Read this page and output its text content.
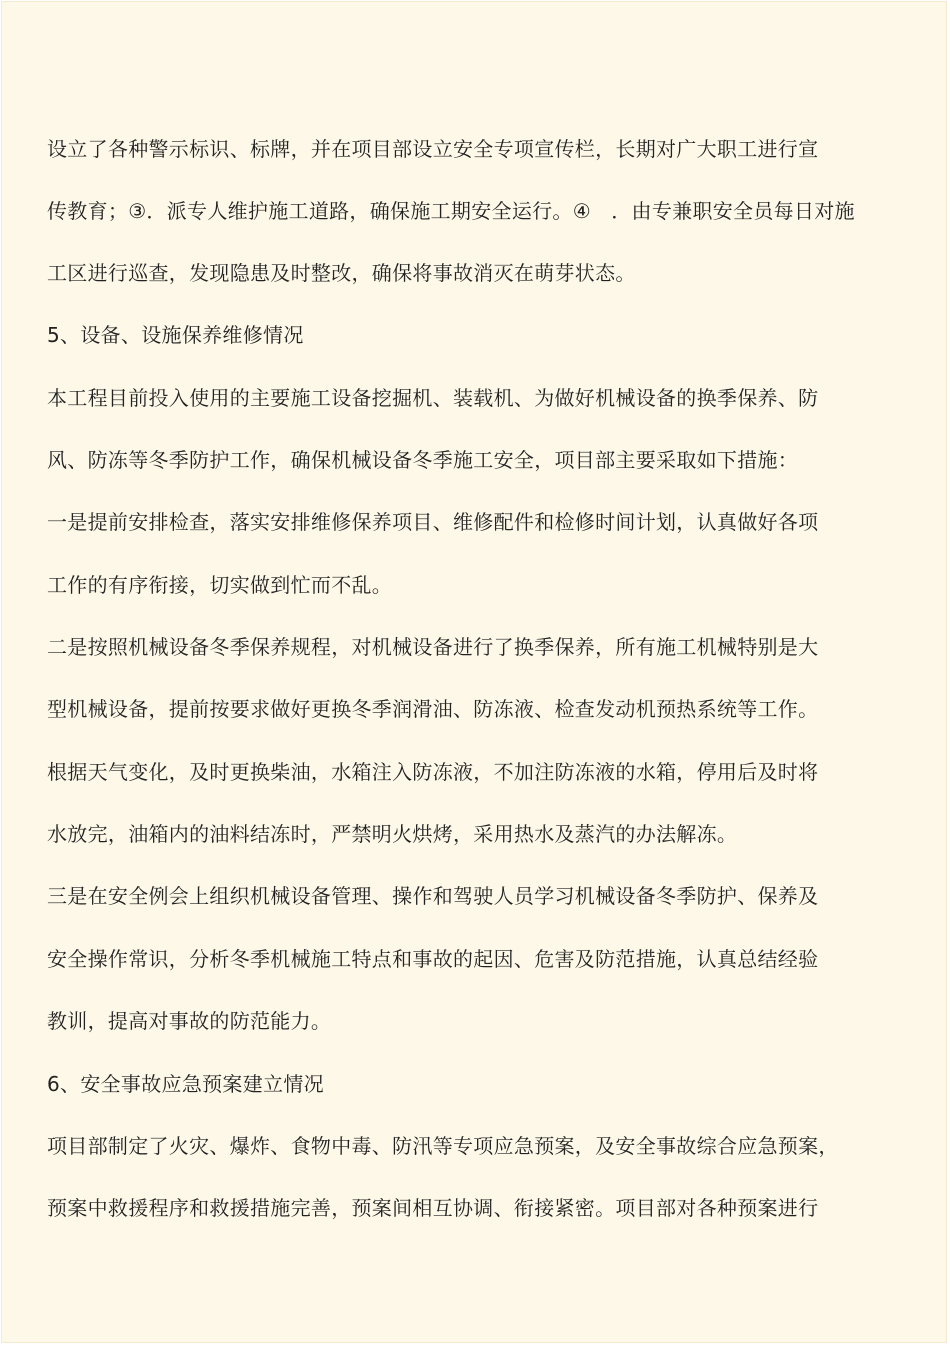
设立了各种警示标识、标牌，并在项目部设立安全专项宣传栏，长期对广大职工进行宣
传教育；③．派专人维护施工道路，确保施工期安全运行。④　．由专兼职安全员每日对施
工区进行巡查，发现隐患及时整改，确保将事故消灭在萌芽状态。
5、设备、设施保养维修情况
本工程目前投入使用的主要施工设备挖掘机、装载机、为做好机械设备的换季保养、防
风、防冻等冬季防护工作，确保机械设备冬季施工安全，项目部主要采取如下措施：
一是提前安排检查，落实安排维修保养项目、维修配件和检修时间计划，认真做好各项
工作的有序衔接，切实做到忙而不乱。
二是按照机械设备冬季保养规程，对机械设备进行了换季保养，所有施工机械特别是大
型机械设备，提前按要求做好更换冬季润滑油、防冻液、检查发动机预热系统等工作。
根据天气变化，及时更换柴油，水箱注入防冻液，不加注防冻液的水箱，停用后及时将
水放完，油箱内的油料结冻时，严禁明火烘烤，采用热水及蒸汽的办法解冻。
三是在安全例会上组织机械设备管理、操作和驾驶人员学习机械设备冬季防护、保养及
安全操作常识，分析冬季机械施工特点和事故的起因、危害及防范措施，认真总结经验
教训，提高对事故的防范能力。
6、安全事故应急预案建立情况
项目部制定了火灾、爆炸、食物中毒、防汛等专项应急预案，及安全事故综合应急预案，
预案中救援程序和救援措施完善，预案间相互协调、衔接紧密。项目部对各种预案进行
